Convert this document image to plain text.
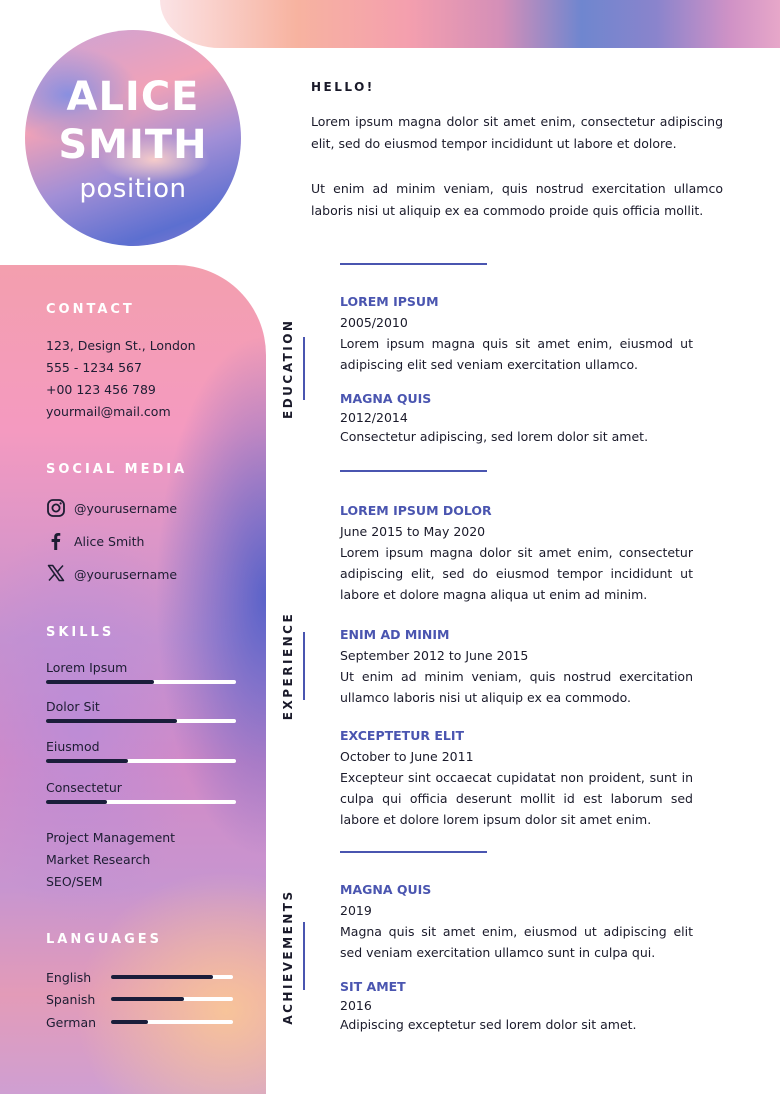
ALICE
SMITH
position
HELLO!
Lorem ipsum magna dolor sit amet enim, consectetur adipiscing elit, sed do eiusmod tempor incididunt ut labore et dolore.
Ut enim ad minim veniam, quis nostrud exercitation ullamco laboris nisi ut aliquip ex ea commodo proide quis officia mollit.
CONTACT
123, Design St., London
555 - 1234 567
+00 123 456 789
yourmail@mail.com
SOCIAL MEDIA
@yourusername
Alice Smith
@yourusername
SKILLS
Lorem Ipsum
Dolor Sit
Eiusmod
Consectetur
Project Management
Market Research
SEO/SEM
LANGUAGES
English
Spanish
German
EDUCATION
LOREM IPSUM
2005/2010
Lorem ipsum magna quis sit amet enim, eiusmod ut adipiscing elit sed veniam exercitation ullamco.
MAGNA QUIS
2012/2014
Consectetur adipiscing, sed lorem dolor sit amet.
EXPERIENCE
LOREM IPSUM DOLOR
June 2015 to May 2020
Lorem ipsum magna dolor sit amet enim, consectetur adipiscing elit, sed do eiusmod tempor incididunt ut labore et dolore magna aliqua ut enim ad minim.
ENIM AD MINIM
September 2012 to June 2015
Ut enim ad minim veniam, quis nostrud exercitation ullamco laboris nisi ut aliquip ex ea commodo.
EXCEPTETUR ELIT
October to June 2011
Excepteur sint occaecat cupidatat non proident, sunt in culpa qui officia deserunt mollit id est laborum sed labore et dolore lorem ipsum dolor sit amet enim.
ACHIEVEMENTS	MAGNA QUIS
2019
Magna quis sit amet enim, eiusmod ut adipiscing elit sed veniam exercitation ullamco sunt in culpa qui.
SIT AMET
2016
Adipiscing exceptetur sed lorem dolor sit amet.
